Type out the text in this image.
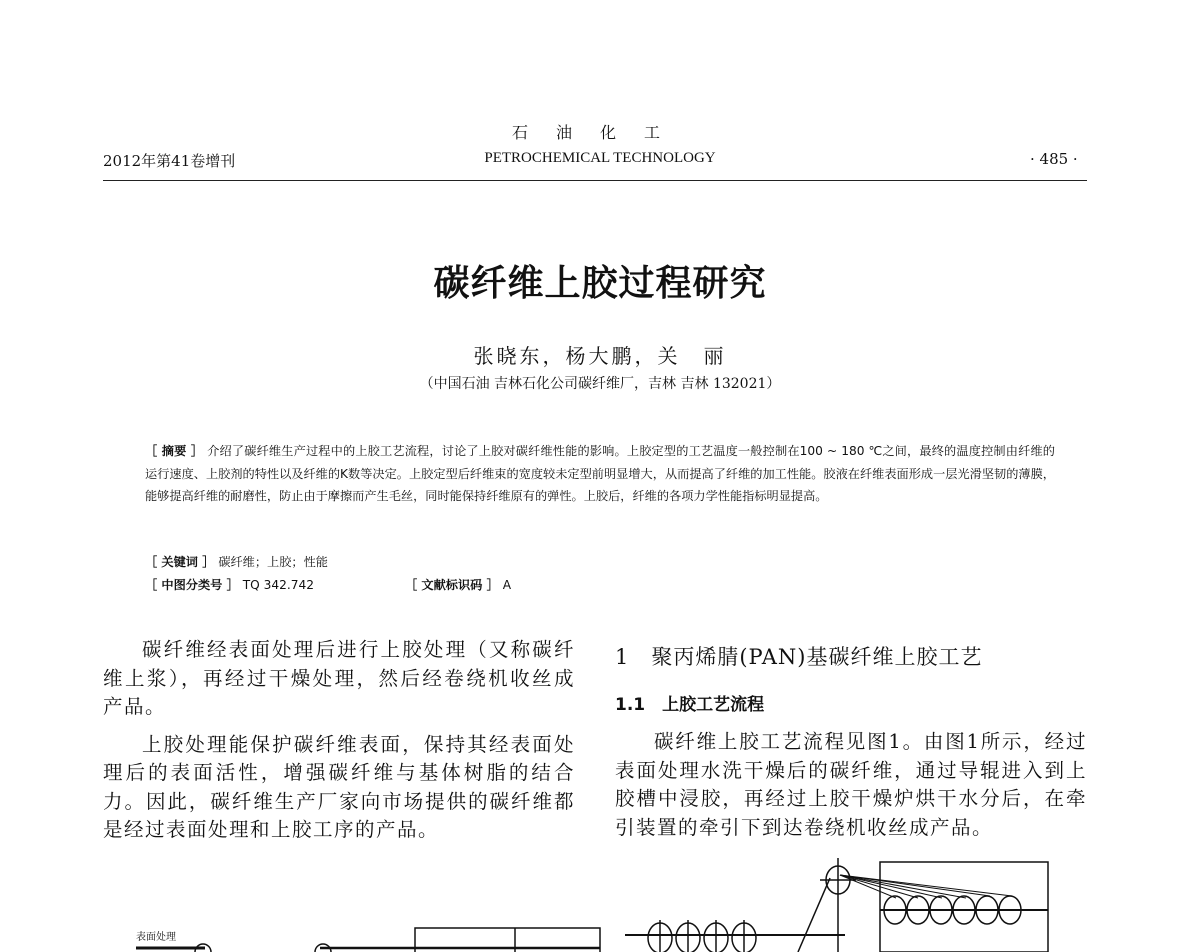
石油化工
2012年第41卷增刊	PETROCHEMICAL TECHNOLOGY	· 485 ·
碳纤维上胶过程研究
张晓东，杨大鹏，关　丽
（中国石油 吉林石化公司碳纤维厂，吉林 吉林 132021）
［ 摘要 ］ 介绍了碳纤维生产过程中的上胶工艺流程，讨论了上胶对碳纤维性能的影响。上胶定型的工艺温度一般控制在100 ~ 180 ℃之间，最终的温度控制由纤维的运行速度、上胶剂的特性以及纤维的K数等决定。上胶定型后纤维束的宽度较未定型前明显增大，从而提高了纤维的加工性能。胶液在纤维表面形成一层光滑坚韧的薄膜，能够提高纤维的耐磨性，防止由于摩擦而产生毛丝，同时能保持纤维原有的弹性。上胶后，纤维的各项力学性能指标明显提高。
［ 关键词 ］ 碳纤维；上胶；性能
［ 中图分类号 ］ TQ 342.742	［ 文献标识码 ］ A

碳纤维经表面处理后进行上胶处理（又称碳纤维上浆），再经过干燥处理，然后经卷绕机收丝成产品。

上胶处理能保护碳纤维表面，保持其经表面处理后的表面活性，增强碳纤维与基体树脂的结合力。因此，碳纤维生产厂家向市场提供的碳纤维都是经过表面处理和上胶工序的产品。

1　聚丙烯腈(PAN)基碳纤维上胶工艺
1.1　上胶工艺流程

碳纤维上胶工艺流程见图1。由图1所示，经过表面处理水洗干燥后的碳纤维，通过导辊进入到上胶槽中浸胶，再经过上胶干燥炉烘干水分后，在牵引装置的牵引下到达卷绕机收丝成产品。

表面处理
